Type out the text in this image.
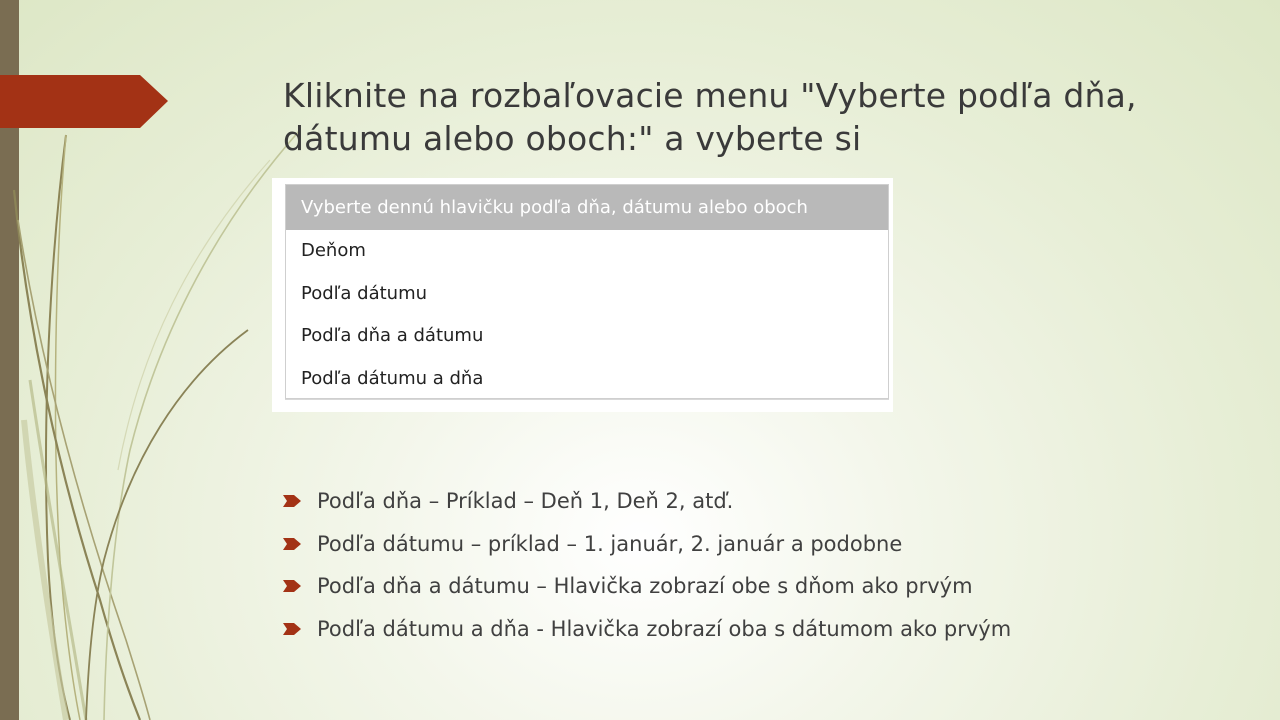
Kliknite na rozbaľovacie menu "Vyberte podľa dňa, dátumu alebo oboch:" a vyberte si
Vyberte dennú hlavičku podľa dňa, dátumu alebo oboch
Deňom
Podľa dátumu
Podľa dňa a dátumu
Podľa dátumu a dňa
Podľa dňa – Príklad – Deň 1, Deň 2, atď.
Podľa dátumu – príklad – 1. január, 2. január a podobne
Podľa dňa a dátumu – Hlavička zobrazí obe s dňom ako prvým
Podľa dátumu a dňa - Hlavička zobrazí oba s dátumom ako prvým
